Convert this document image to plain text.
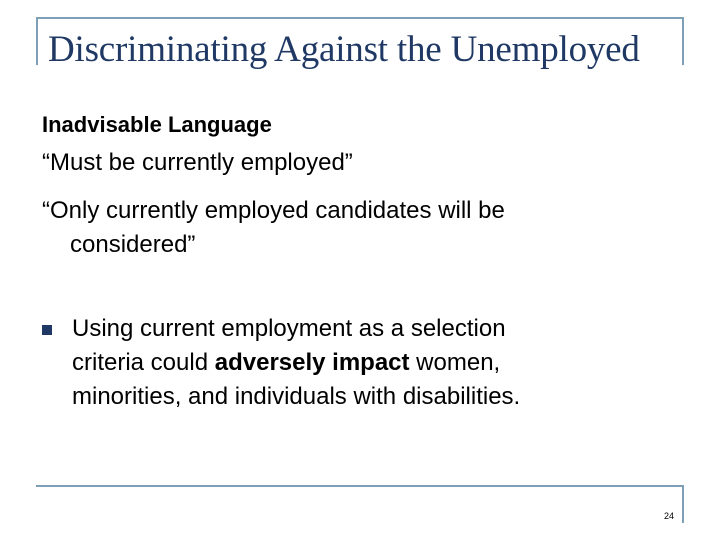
Discriminating Against the Unemployed
Inadvisable Language
“Must be currently employed”
“Only currently employed candidates will be
considered”
Using current employment as a selection
criteria could adversely impact women,
minorities, and individuals with disabilities.
24
